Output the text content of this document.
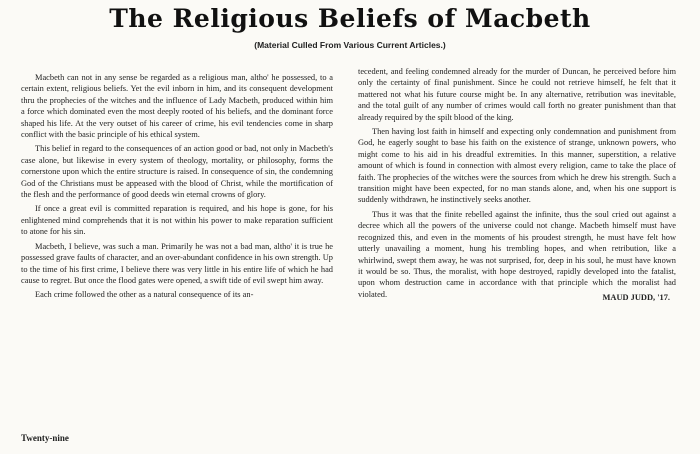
The Religious Beliefs of Macbeth
(Material Culled From Various Current Articles.)

Macbeth can not in any sense be regarded as a religious man, altho' he possessed, to a certain extent, religious beliefs. Yet the evil inborn in him, and its consequent development thru the prophecies of the witches and the influence of Lady Macbeth, produced within him a force which dominated even the most deeply rooted of his beliefs, and the dominant force shaped his life. At the very outset of his career of crime, his evil tendencies come in sharp conflict with the basic principle of his ethical system.

This belief in regard to the consequences of an action good or bad, not only in Macbeth's case alone, but likewise in every system of theology, mortality, or philosophy, forms the cornerstone upon which the entire structure is raised. In consequence of sin, the condemning God of the Christians must be appeased with the blood of Christ, while the mortification of the flesh and the performance of good deeds win eternal crowns of glory.

If once a great evil is committed reparation is required, and his hope is gone, for his enlightened mind comprehends that it is not within his power to make reparation sufficient to atone for his sin.

Macbeth, I believe, was such a man. Primarily he was not a bad man, altho' it is true he possessed grave faults of character, and an over-abundant confidence in his own strength. Up to the time of his first crime, I believe there was very little in his entire life of which he had cause to regret. But once the flood gates were opened, a swift tide of evil swept him away.

Each crime followed the other as a natural consequence of its an-

tecedent, and feeling condemned already for the murder of Duncan, he perceived before him only the certainty of final punishment. Since he could not retrieve himself, he felt that it mattered not what his future course might be. In any alternative, retribution was inevitable, and the total guilt of any number of crimes would call forth no greater punishment than that already required by the spilt blood of the king.

Then having lost faith in himself and expecting only condemnation and punishment from God, he eagerly sought to base his faith on the existence of strange, unknown powers, who might come to his aid in his dreadful extremities. In this manner, superstition, a relative amount of which is found in connection with almost every religion, came to take the place of faith. The prophecies of the witches were the sources from which he drew his strength. Such a transition might have been expected, for no man stands alone, and, when his one support is suddenly withdrawn, he instinctively seeks another.

Thus it was that the finite rebelled against the infinite, thus the soul cried out against a decree which all the powers of the universe could not change. Macbeth himself must have recognized this, and even in the moments of his proudest strength, he must have felt how utterly unavailing a moment, hung his trembling hopes, and when retribution, like a whirlwind, swept them away, he was not surprised, for, deep in his soul, he must have known it would be so. Thus, the moralist, with hope destroyed, rapidly developed into the fatalist, upon whom destruction came in accordance with that principle which the moralist had violated.	MAUD JUDD, '17.
Twenty-nine
